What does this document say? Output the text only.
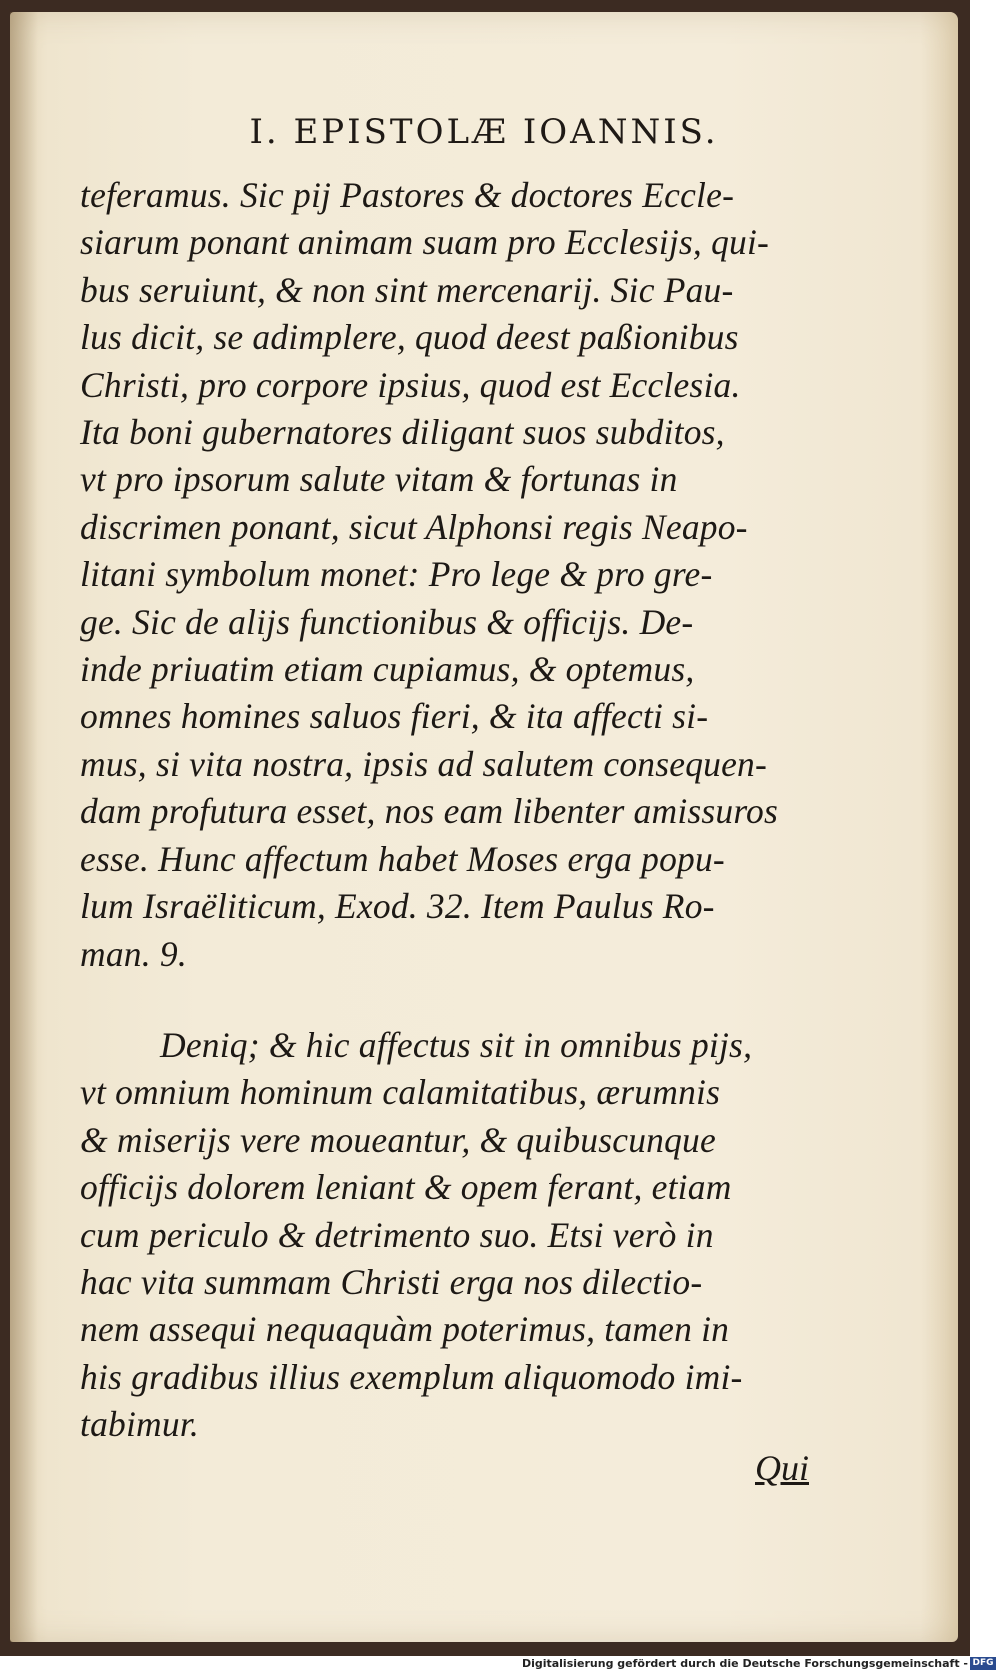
I. EPISTOLÆ IOANNIS.
teferamus. Sic pij Pastores & doctores Eccle-
siarum ponant animam suam pro Ecclesijs, qui-
bus seruiunt, & non sint mercenarij. Sic Pau-
lus dicit, se adimplere, quod deest paßionibus
Christi, pro corpore ipsius, quod est Ecclesia.
Ita boni gubernatores diligant suos subditos,
vt pro ipsorum salute vitam & fortunas in
discrimen ponant, sicut Alphonsi regis Neapo-
litani symbolum monet: Pro lege & pro gre-
ge. Sic de alijs functionibus & officijs. De-
inde priuatim etiam cupiamus, & optemus,
omnes homines saluos fieri, & ita affecti si-
mus, si vita nostra, ipsis ad salutem consequen-
dam profutura esset, nos eam libenter amissuros
esse. Hunc affectum habet Moses erga popu-
lum Israëliticum, Exod. 32. Item Paulus Ro-
man. 9.
Deniq; & hic affectus sit in omnibus pijs,
vt omnium hominum calamitatibus, ærumnis
& miserijs vere moueantur, & quibuscunque
officijs dolorem leniant & opem ferant, etiam
cum periculo & detrimento suo. Etsi verò in
hac vita summam Christi erga nos dilectio-
nem assequi nequaquàm poterimus, tamen in
his gradibus illius exemplum aliquomodo imi-
tabimur.
Qui
Digitalisierung gefördert durch die Deutsche Forschungsgemeinschaft - DFG
